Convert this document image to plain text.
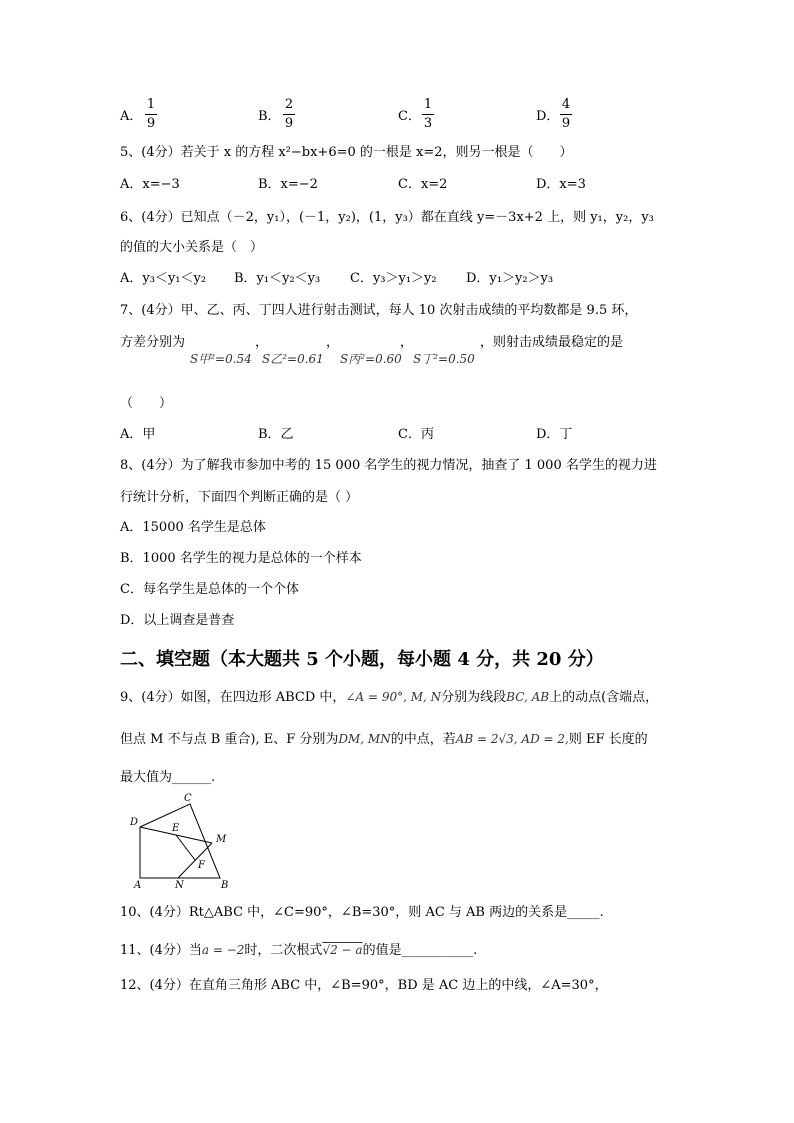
A．
1
9	B．
2
9	C．
1
3	D．
4
9
5、(4分）若关于 x 的方程 x²−bx+6=0 的一根是 x=2，则另一根是（　　）
A．x=−3	B．x=−2	C．x=2	D．x=3
6、(4分）已知点（－2，y₁），(－1，y₂)，(1，y₃）都在直线 y=－3x+2 上，则 y₁，y₂，y₃
的值的大小关系是（　）
A．y₃＜y₁＜y₂ B．y₁＜y₂＜y₃ C．y₃＞y₁＞y₂ D．y₁＞y₂＞y₃
7、(4分）甲、乙、丙、丁四人进行射击测试，每人 10 次射击成绩的平均数都是 9.5 环，
方差分别为	，	，	，	，则射击成绩最稳定的是
S甲²=0.54 S乙²=0.61 S丙²=0.60 S丁²=0.50
（　　）
A．甲	B．乙	C．丙	D．丁
8、(4分）为了解我市参加中考的 15 000 名学生的视力情况，抽查了 1 000 名学生的视力进
行统计分析，下面四个判断正确的是（ ）
A．15000 名学生是总体
B．1000 名学生的视力是总体的一个样本
C．每名学生是总体的一个个体
D．以上调查是普查
二、填空题（本大题共 5 个小题，每小题 4 分，共 20 分）
9、(4分）如图，在四边形 ABCD 中，∠A = 90°, M, N分别为线段BC, AB上的动点(含端点，
但点 M 不与点 B 重合), E、F 分别为DM, MN的中点，若AB = 2√3, AD = 2,则 EF 长度的
最大值为______.
D
C
E
M
F
A	N	B
10、(4分）Rt△ABC 中，∠C=90°，∠B=30°，则 AC 与 AB 两边的关系是_____.
11、(4分）当a = −2时，二次根式√2 − a的值是___________.
12、(4分）在直角三角形 ABC 中，∠B=90°，BD 是 AC 边上的中线，∠A=30°，
